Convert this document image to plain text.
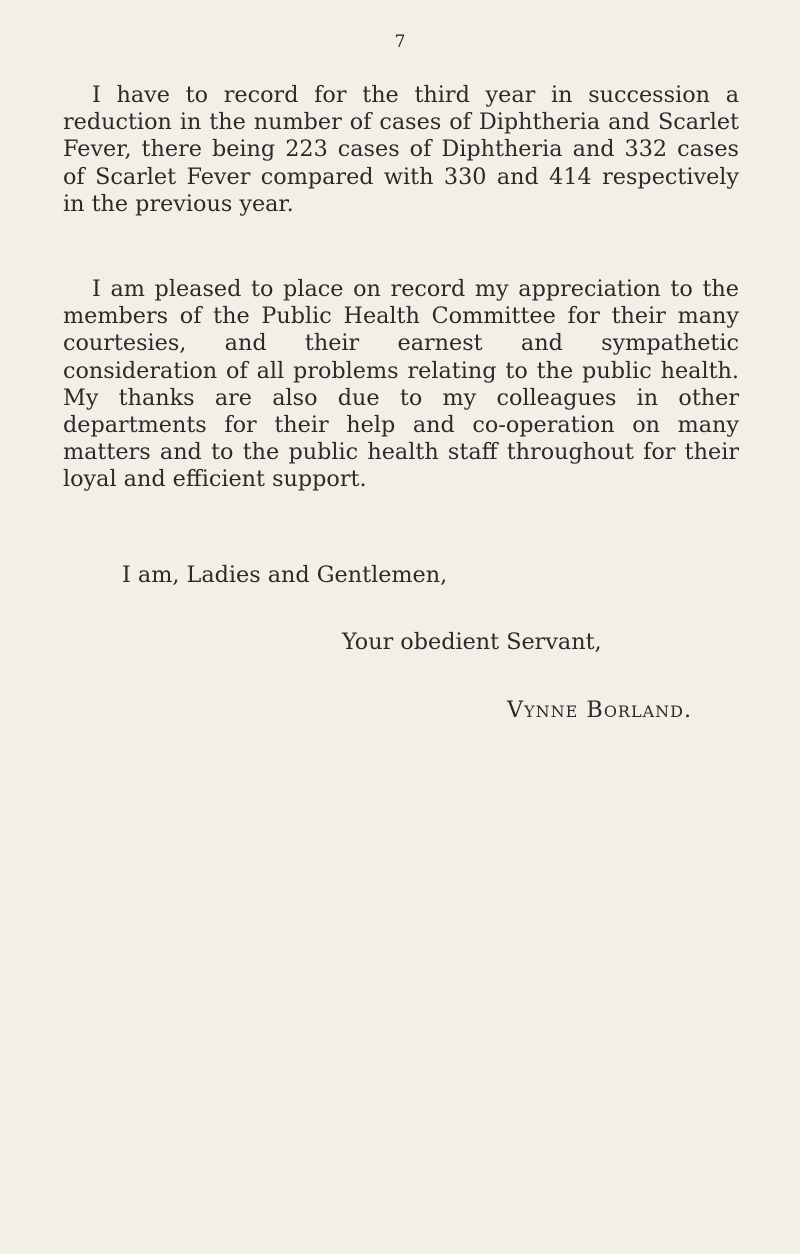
7

I have to record for the third year in succession a reduction in the number of cases of Diphtheria and Scarlet Fever, there being 223 cases of Diphtheria and 332 cases of Scarlet Fever compared with 330 and 414 respectively in the previous year.

I am pleased to place on record my appreciation to the members of the Public Health Committee for their many courtesies, and their earnest and sympathetic consideration of all problems relating to the public health. My thanks are also due to my colleagues in other departments for their help and co-operation on many matters and to the public health staff throughout for their loyal and efficient support.

I am, Ladies and Gentlemen,

Your obedient Servant,

Vynne Borland.
